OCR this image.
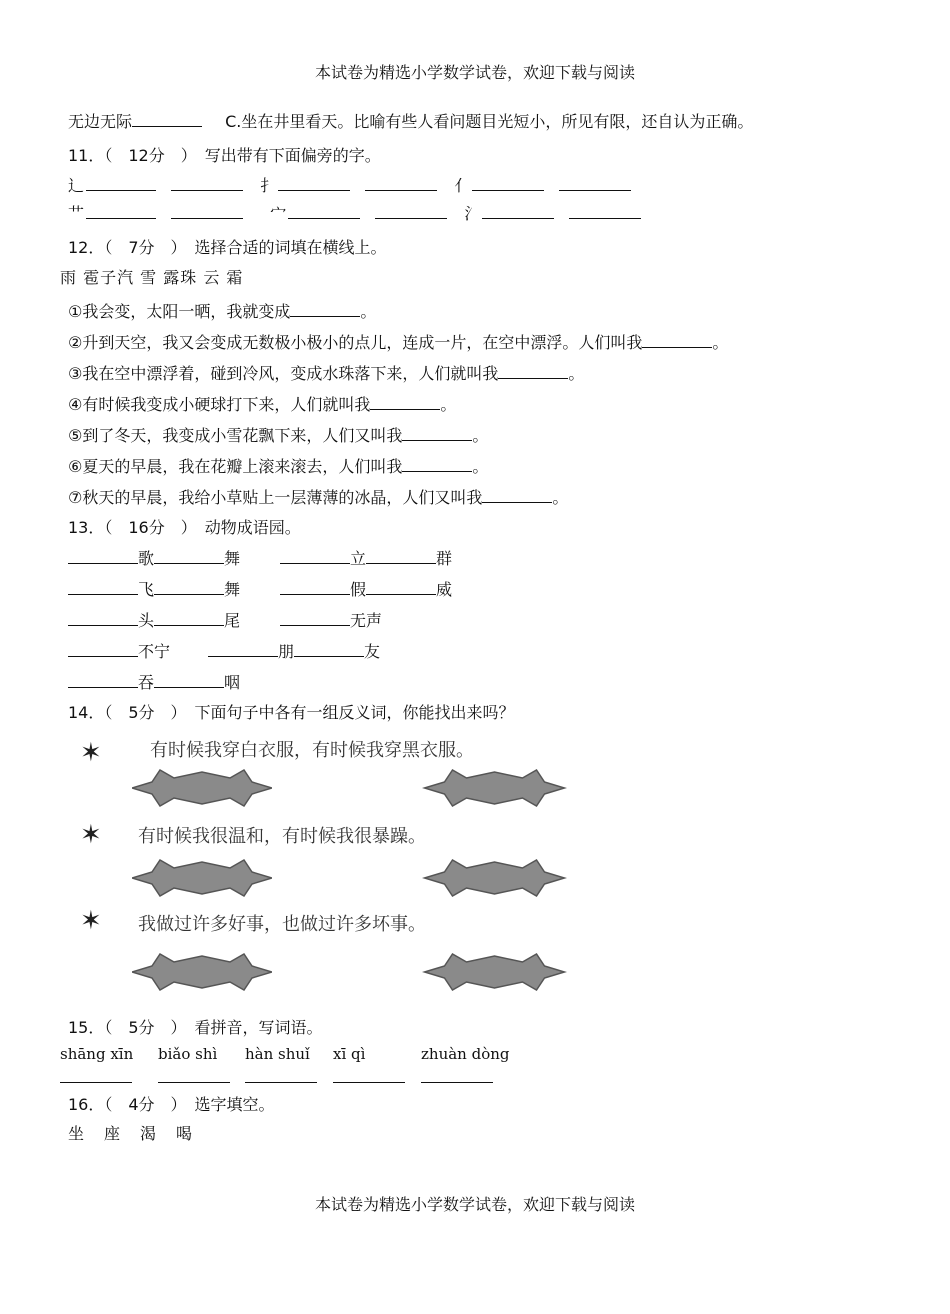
本试卷为精选小学数学试卷，欢迎下载与阅读
无边无际	C.坐在井里看天。比喻有些人看问题目光短小，所见有限，还自认为正确。
11．（　12分　）　写出带有下面偏旁的字。
辶	扌	亻
艹	宀	氵
12．（　7分　）　选择合适的词填在横线上。
雨 雹子汽 雪 露珠 云 霜
①我会变，太阳一晒，我就变成	。
②升到天空，我又会变成无数极小极小的点儿，连成一片，在空中漂浮。人们叫我	。
③我在空中漂浮着，碰到冷风，变成水珠落下来，人们就叫我	。
④有时候我变成小硬球打下来，人们就叫我	。
⑤到了冬天，我变成小雪花飘下来，人们又叫我	。
⑥夏天的早晨，我在花瓣上滚来滚去，人们叫我	。
⑦秋天的早晨，我给小草贴上一层薄薄的冰晶，人们又叫我	。
13．（　16分　）　动物成语园。
歌	舞	立	群
飞	舞	假	威
头	尾	无声
不宁	朋	友
吞	咽
14．（　5分　）　下面句子中各有一组反义词，你能找出来吗？
✶	有时候我穿白衣服，有时候我穿黑衣服。
✶ 有时候我很温和，有时候我很暴躁。
✶ 我做过许多好事，也做过许多坏事。
15．（　5分　）　看拼音，写词语。
shāng xīn biǎo shì hàn shuǐ xī qì	zhuàn dòng
16．（　4分　）　选字填空。
坐　座　渴　喝
本试卷为精选小学数学试卷，欢迎下载与阅读
